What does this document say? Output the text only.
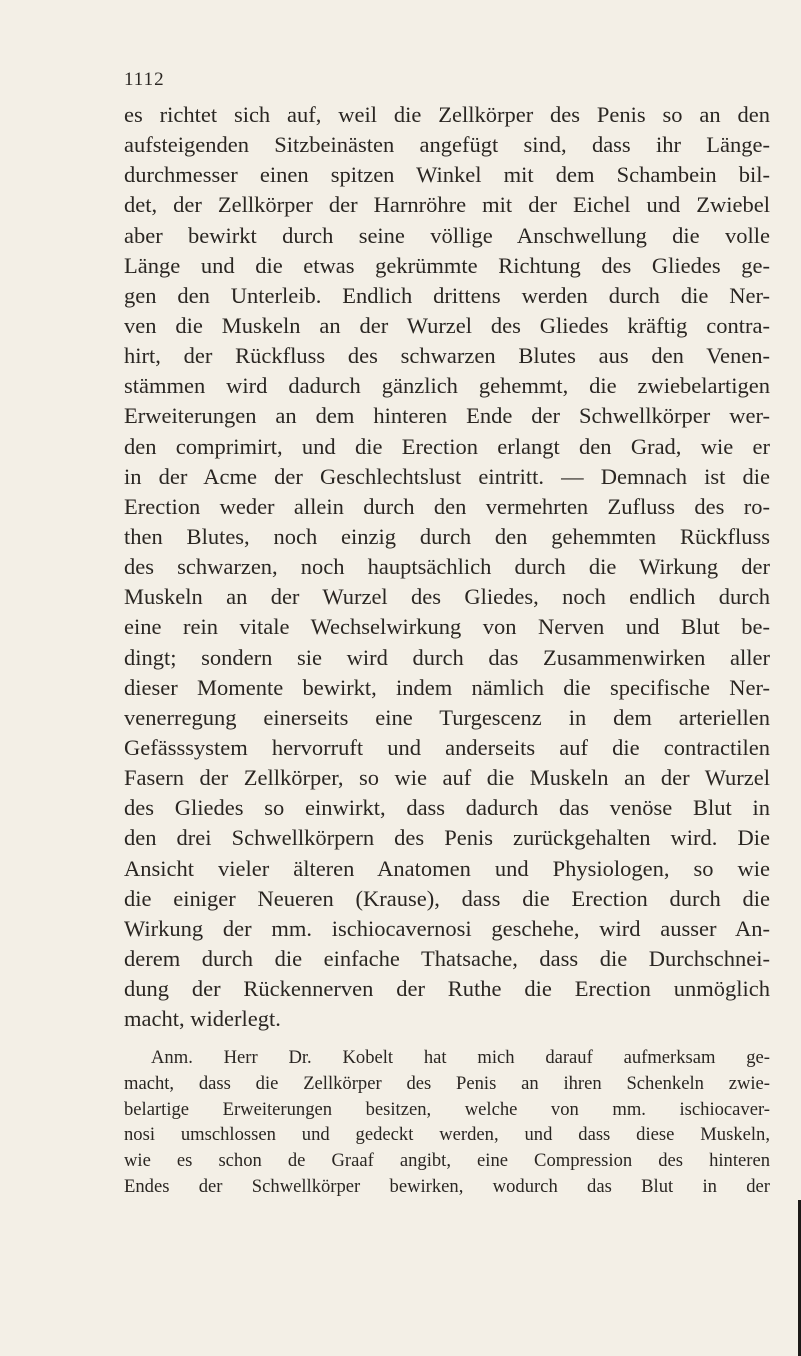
1112
es richtet sich auf, weil die Zellkörper des Penis so an den
aufsteigenden Sitzbeinästen angefügt sind, dass ihr Länge-
durchmesser einen spitzen Winkel mit dem Schambein bil-
det, der Zellkörper der Harnröhre mit der Eichel und Zwiebel
aber bewirkt durch seine völlige Anschwellung die volle
Länge und die etwas gekrümmte Richtung des Gliedes ge-
gen den Unterleib. Endlich drittens werden durch die Ner-
ven die Muskeln an der Wurzel des Gliedes kräftig contra-
hirt, der Rückfluss des schwarzen Blutes aus den Venen-
stämmen wird dadurch gänzlich gehemmt, die zwiebelartigen
Erweiterungen an dem hinteren Ende der Schwellkörper wer-
den comprimirt, und die Erection erlangt den Grad, wie er
in der Acme der Geschlechtslust eintritt. — Demnach ist die
Erection weder allein durch den vermehrten Zufluss des ro-
then Blutes, noch einzig durch den gehemmten Rückfluss
des schwarzen, noch hauptsächlich durch die Wirkung der
Muskeln an der Wurzel des Gliedes, noch endlich durch
eine rein vitale Wechselwirkung von Nerven und Blut be-
dingt; sondern sie wird durch das Zusammenwirken aller
dieser Momente bewirkt, indem nämlich die specifische Ner-
venerregung einerseits eine Turgescenz in dem arteriellen
Gefässsystem hervorruft und anderseits auf die contractilen
Fasern der Zellkörper, so wie auf die Muskeln an der Wurzel
des Gliedes so einwirkt, dass dadurch das venöse Blut in
den drei Schwellkörpern des Penis zurückgehalten wird. Die
Ansicht vieler älteren Anatomen und Physiologen, so wie
die einiger Neueren (Krause), dass die Erection durch die
Wirkung der mm. ischiocavernosi geschehe, wird ausser An-
derem durch die einfache Thatsache, dass die Durchschnei-
dung der Rückennerven der Ruthe die Erection unmöglich
macht, widerlegt.
Anm. Herr Dr. Kobelt hat mich darauf aufmerksam ge-
macht, dass die Zellkörper des Penis an ihren Schenkeln zwie-
belartige Erweiterungen besitzen, welche von mm. ischiocaver-
nosi umschlossen und gedeckt werden, und dass diese Muskeln,
wie es schon de Graaf angibt, eine Compression des hinteren
Endes der Schwellkörper bewirken, wodurch das Blut in der
